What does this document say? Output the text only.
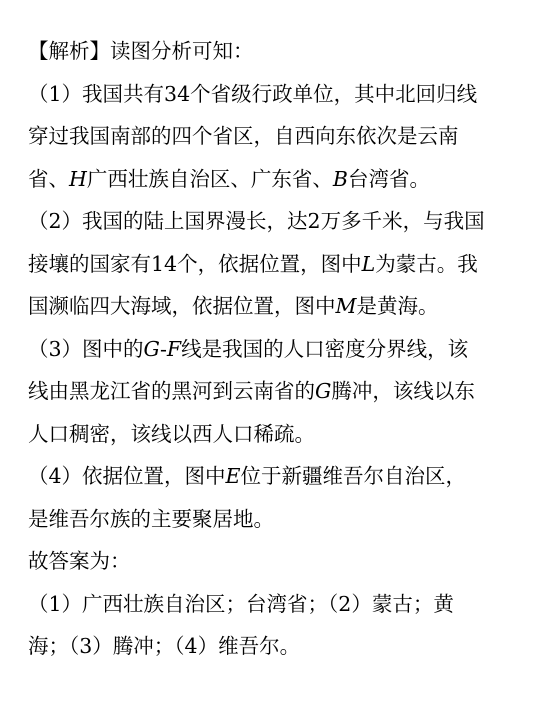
【解析】读图分析可知：
（1）我国共有34个省级行政单位，其中北回归线
穿过我国南部的四个省区，自西向东依次是云南
省、H广西壮族自治区、广东省、B台湾省。
（2）我国的陆上国界漫长，达2万多千米，与我国
接壤的国家有14个，依据位置，图中L为蒙古。我
国濒临四大海域，依据位置，图中M是黄海。
（3）图中的G-F线是我国的人口密度分界线，该
线由黑龙江省的黑河到云南省的G腾冲，该线以东
人口稠密，该线以西人口稀疏。
（4）依据位置，图中E位于新疆维吾尔自治区，
是维吾尔族的主要聚居地。
故答案为：
（1）广西壮族自治区；台湾省；（2）蒙古；黄
海；（3）腾冲；（4）维吾尔。
